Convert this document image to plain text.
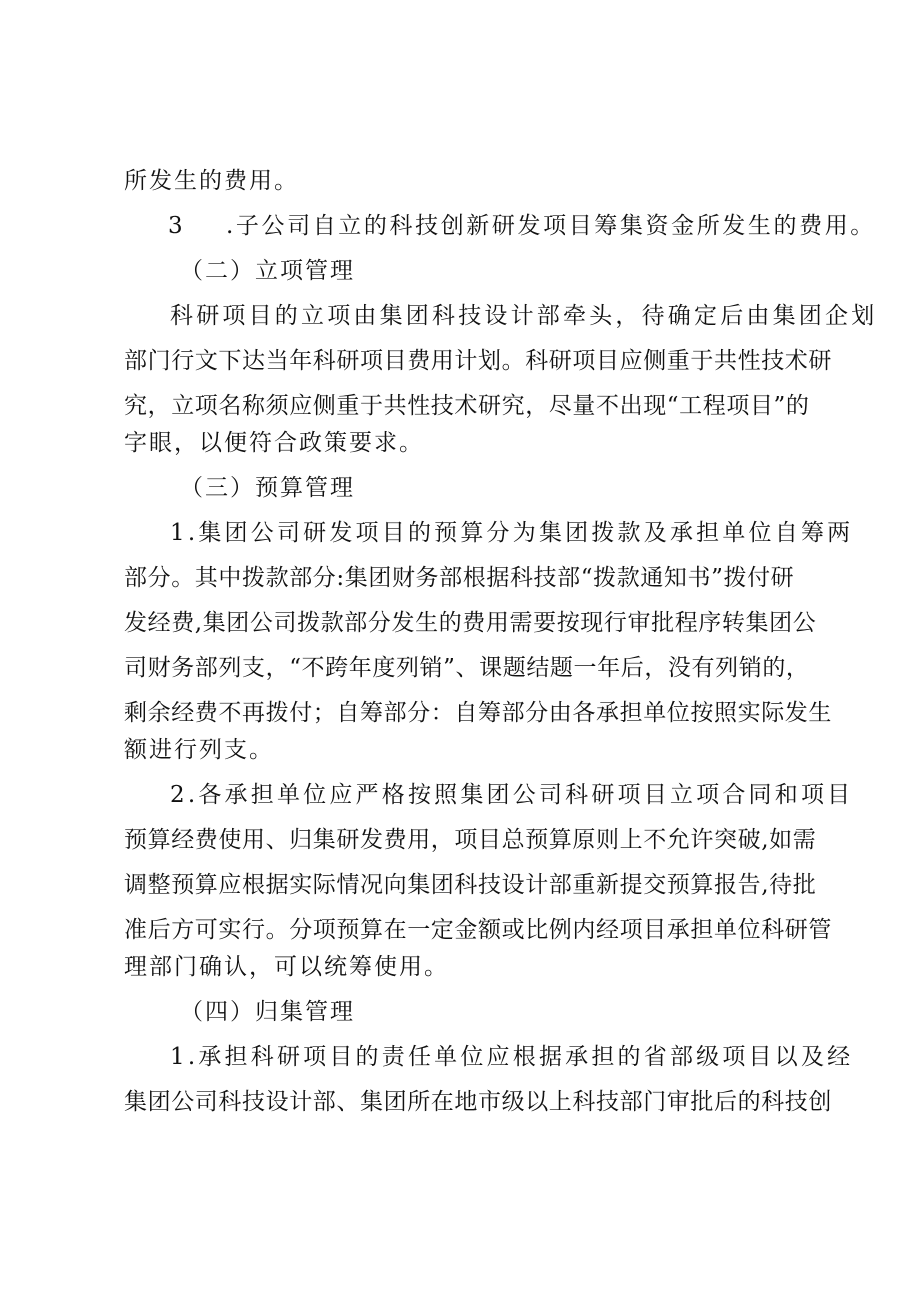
所发生的费用。
3 .子公司自立的科技创新研发项目筹集资金所发生的费用。
（二）立项管理
科研项目的立项由集团科技设计部牵头，待确定后由集团企划
部门行文下达当年科研项目费用计划。科研项目应侧重于共性技术研
究，立项名称须应侧重于共性技术研究，尽量不出现“工程项目”的
字眼，以便符合政策要求。
（三）预算管理
1.集团公司研发项目的预算分为集团拨款及承担单位自筹两
部分。其中拨款部分:集团财务部根据科技部“拨款通知书”拨付研
发经费,集团公司拨款部分发生的费用需要按现行审批程序转集团公
司财务部列支，“不跨年度列销”、课题结题一年后，没有列销的，
剩余经费不再拨付；自筹部分：自筹部分由各承担单位按照实际发生
额进行列支。
2.各承担单位应严格按照集团公司科研项目立项合同和项目
预算经费使用、归集研发费用，项目总预算原则上不允许突破,如需
调整预算应根据实际情况向集团科技设计部重新提交预算报告,待批
准后方可实行。分项预算在一定金额或比例内经项目承担单位科研管
理部门确认，可以统筹使用。
（四）归集管理
1.承担科研项目的责任单位应根据承担的省部级项目以及经
集团公司科技设计部、集团所在地市级以上科技部门审批后的科技创
